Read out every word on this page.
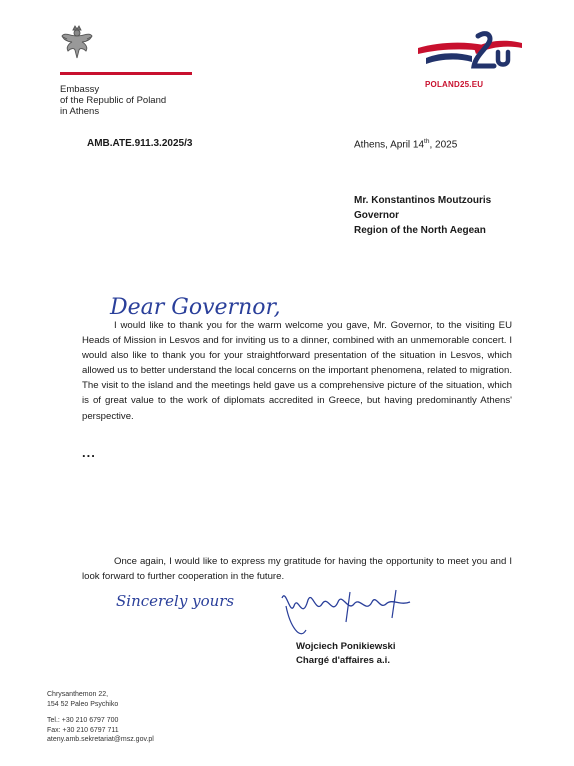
Embassy
of the Republic of Poland
in Athens
POLAND25.EU
AMB.ATE.911.3.2025/3	Athens, April 14th, 2025
Mr. Konstantinos Moutzouris
Governor
Region of the North Aegean
Dear Governor,
I would like to thank you for the warm welcome you gave, Mr. Governor, to the visiting EU Heads of Mission in Lesvos and for inviting us to a dinner, combined with an unmemorable concert. I would also like to thank you for your straightforward presentation of the situation in Lesvos, which allowed us to better understand the local concerns on the important phenomena, related to migration. The visit to the island and the meetings held gave us a comprehensive picture of the situation, which is of great value to the work of diplomats accredited in Greece, but having predominantly Athens' perspective.
...
Once again, I would like to express my gratitude for having the opportunity to meet you and I look forward to further cooperation in the future.
Sincerely yours
Wojciech Ponikiewski
Chargé d'affaires a.i.
Chrysanthemon 22,
154 52 Paleo Psychiko
Tel.: +30 210 6797 700
Fax: +30 210 6797 711
ateny.amb.sekretariat@msz.gov.pl
